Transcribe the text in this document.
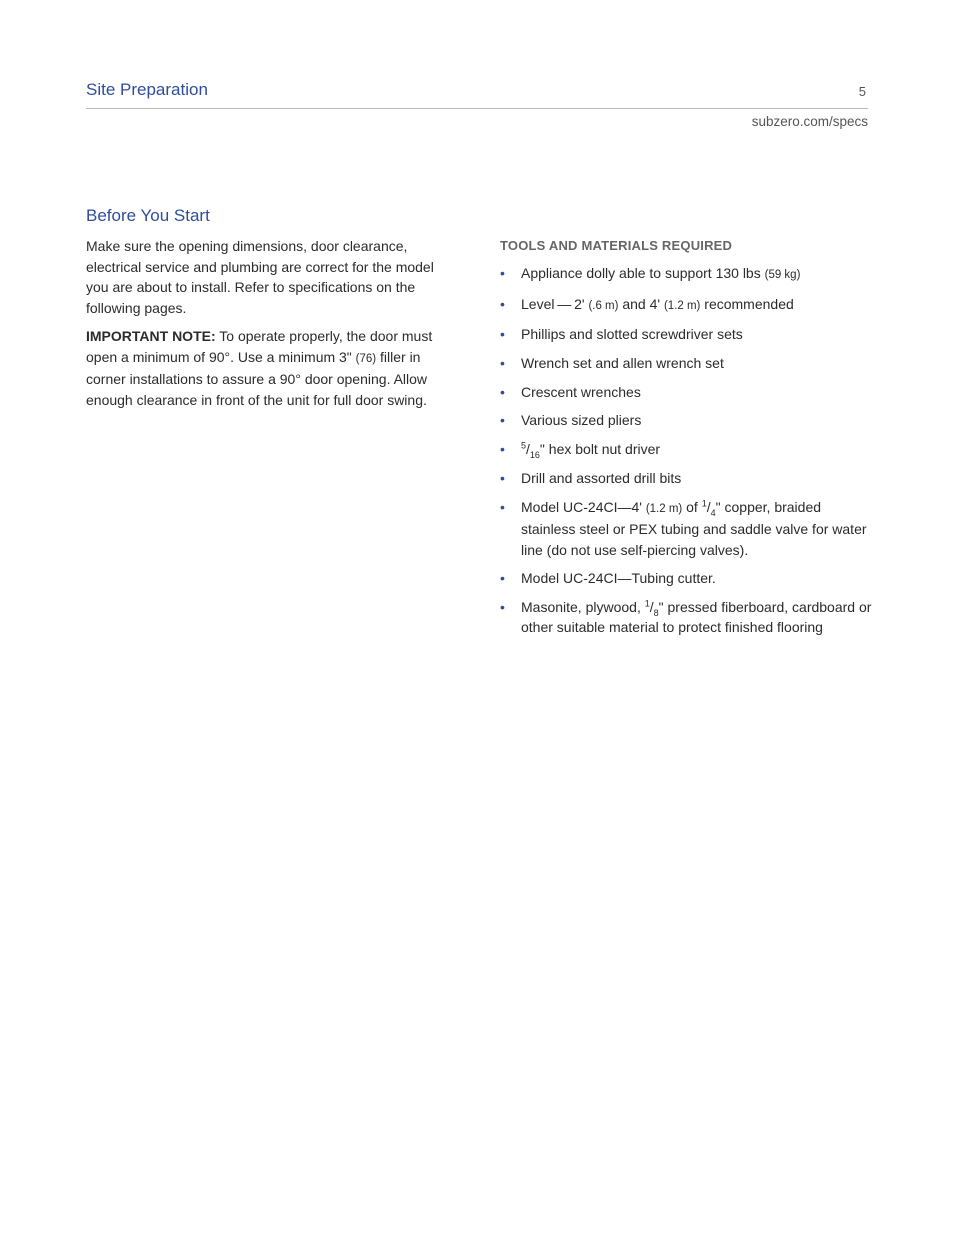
Site Preparation	5
subzero.com/specs
Before You Start

Make sure the opening dimensions, door clearance, electrical service and plumbing are correct for the model you are about to install. Refer to specifications on the following pages.

IMPORTANT NOTE: To operate properly, the door must open a minimum of 90°. Use a minimum 3" (76) filler in corner installations to assure a 90° door opening. Allow enough clearance in front of the unit for full door swing.

TOOLS AND MATERIALS REQUIRED
• Appliance dolly able to support 130 lbs (59 kg)
• Level — 2' (.6 m) and 4' (1.2 m) recommended
• Phillips and slotted screwdriver sets
• Wrench set and allen wrench set
• Crescent wrenches
• Various sized pliers
• $^5/_{16}$" hex bolt nut driver
• Drill and assorted drill bits
• Model UC-24CI—4' (1.2 m) of $^1/_4$" copper, braided stainless steel or PEX tubing and saddle valve for water line (do not use self-piercing valves).
• Model UC-24CI—Tubing cutter.
• Masonite, plywood, $^1/_8$" pressed fiberboard, cardboard or other suitable material to protect finished flooring
